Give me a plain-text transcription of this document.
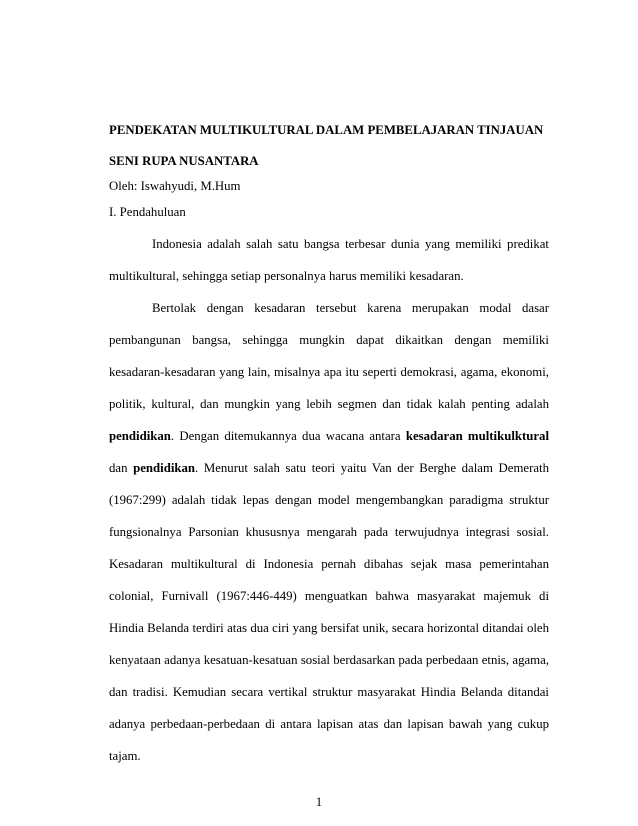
PENDEKATAN MULTIKULTURAL DALAM PEMBELAJARAN TINJAUAN
SENI RUPA NUSANTARA
Oleh: Iswahyudi, M.Hum
I. Pendahuluan
Indonesia adalah salah satu bangsa terbesar dunia yang memiliki predikat
multikultural, sehingga setiap personalnya harus memiliki kesadaran.
Bertolak dengan kesadaran tersebut karena merupakan modal dasar
pembangunan bangsa, sehingga mungkin dapat dikaitkan dengan memiliki
kesadaran-kesadaran yang lain, misalnya apa itu seperti demokrasi, agama, ekonomi,
politik, kultural, dan mungkin yang lebih segmen dan tidak kalah penting adalah
pendidikan. Dengan ditemukannya dua wacana antara kesadaran multikulktural
dan pendidikan. Menurut salah satu teori yaitu Van der Berghe dalam Demerath
(1967:299) adalah tidak lepas dengan model mengembangkan paradigma struktur
fungsionalnya Parsonian khususnya mengarah pada terwujudnya integrasi sosial.
Kesadaran multikultural di Indonesia pernah dibahas sejak masa pemerintahan
colonial, Furnivall (1967:446-449) menguatkan bahwa masyarakat majemuk di
Hindia Belanda terdiri atas dua ciri yang bersifat unik, secara horizontal ditandai oleh
kenyataan adanya kesatuan-kesatuan sosial berdasarkan pada perbedaan etnis, agama,
dan tradisi. Kemudian secara vertikal struktur masyarakat Hindia Belanda ditandai
adanya perbedaan-perbedaan di antara lapisan atas dan lapisan bawah yang cukup
tajam.
1
